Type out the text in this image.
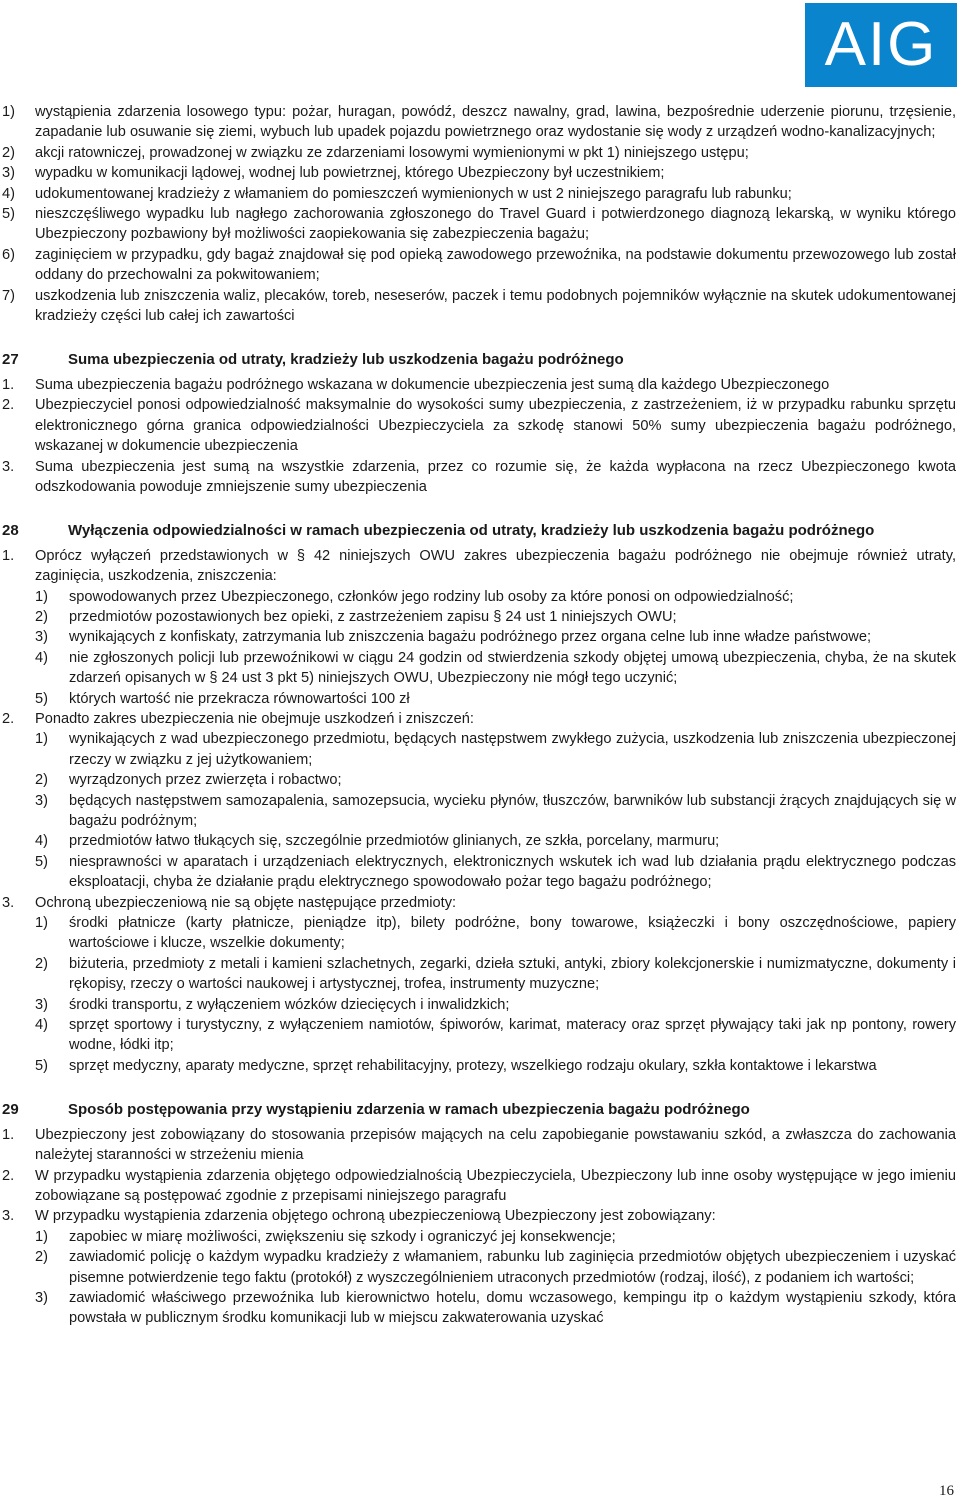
AIG
1) wystąpienia zdarzenia losowego typu: pożar, huragan, powódź, deszcz nawalny, grad, lawina, bezpośrednie uderzenie piorunu, trzęsienie, zapadanie lub osuwanie się ziemi, wybuch lub upadek pojazdu powietrznego oraz wydostanie się wody z urządzeń wodno-kanalizacyjnych;
2) akcji ratowniczej, prowadzonej w związku ze zdarzeniami losowymi wymienionymi w pkt 1) niniejszego ustępu;
3) wypadku w komunikacji lądowej, wodnej lub powietrznej, którego Ubezpieczony był uczestnikiem;
4) udokumentowanej kradzieży z włamaniem do pomieszczeń wymienionych w ust 2 niniejszego paragrafu lub rabunku;
5) nieszczęśliwego wypadku lub nagłego zachorowania zgłoszonego do Travel Guard i potwierdzonego diagnozą lekarską, w wyniku którego Ubezpieczony pozbawiony był możliwości zaopiekowania się zabezpieczenia bagażu;
6) zaginięciem w przypadku, gdy bagaż znajdował się pod opieką zawodowego przewoźnika, na podstawie dokumentu przewozowego lub został oddany do przechowalni za pokwitowaniem;
7) uszkodzenia lub zniszczenia waliz, plecaków, toreb, neseserów, paczek i temu podobnych pojemników wyłącznie na skutek udokumentowanej kradzieży części lub całej ich zawartości
27	Suma ubezpieczenia od utraty, kradzieży lub uszkodzenia bagażu podróżnego
1. Suma ubezpieczenia bagażu podróżnego wskazana w dokumencie ubezpieczenia jest sumą dla każdego Ubezpieczonego
2. Ubezpieczyciel ponosi odpowiedzialność maksymalnie do wysokości sumy ubezpieczenia, z zastrzeżeniem, iż w przypadku rabunku sprzętu elektronicznego górna granica odpowiedzialności Ubezpieczyciela za szkodę stanowi 50% sumy ubezpieczenia bagażu podróżnego, wskazanej w dokumencie ubezpieczenia
3. Suma ubezpieczenia jest sumą na wszystkie zdarzenia, przez co rozumie się, że każda wypłacona na rzecz Ubezpieczonego kwota odszkodowania powoduje zmniejszenie sumy ubezpieczenia
28	Wyłączenia odpowiedzialności w ramach ubezpieczenia od utraty, kradzieży lub uszkodzenia bagażu podróżnego
1. Oprócz wyłączeń przedstawionych w § 42 niniejszych OWU zakres ubezpieczenia bagażu podróżnego nie obejmuje również utraty, zaginięcia, uszkodzenia, zniszczenia:
1) spowodowanych przez Ubezpieczonego, członków jego rodziny lub osoby za które ponosi on odpowiedzialność;
2) przedmiotów pozostawionych bez opieki, z zastrzeżeniem zapisu § 24 ust 1 niniejszych OWU;
3) wynikających z konfiskaty, zatrzymania lub zniszczenia bagażu podróżnego przez organa celne lub inne władze państwowe;
4) nie zgłoszonych policji lub przewoźnikowi w ciągu 24 godzin od stwierdzenia szkody objętej umową ubezpieczenia, chyba, że na skutek zdarzeń opisanych w § 24 ust 3 pkt 5) niniejszych OWU, Ubezpieczony nie mógł tego uczynić;
5) których wartość nie przekracza równowartości 100 zł
2. Ponadto zakres ubezpieczenia nie obejmuje uszkodzeń i zniszczeń:
1) wynikających z wad ubezpieczonego przedmiotu, będących następstwem zwykłego zużycia, uszkodzenia lub zniszczenia ubezpieczonej rzeczy w związku z jej użytkowaniem;
2) wyrządzonych przez zwierzęta i robactwo;
3) będących następstwem samozapalenia, samozepsucia, wycieku płynów, tłuszczów, barwników lub substancji żrących znajdujących się w bagażu podróżnym;
4) przedmiotów łatwo tłukących się, szczególnie przedmiotów glinianych, ze szkła, porcelany, marmuru;
5) niesprawności w aparatach i urządzeniach elektrycznych, elektronicznych wskutek ich wad lub działania prądu elektrycznego podczas eksploatacji, chyba że działanie prądu elektrycznego spowodowało pożar tego bagażu podróżnego;
3. Ochroną ubezpieczeniową nie są objęte następujące przedmioty:
1) środki płatnicze (karty płatnicze, pieniądze itp), bilety podróżne, bony towarowe, książeczki i bony oszczędnościowe, papiery wartościowe i klucze, wszelkie dokumenty;
2) biżuteria, przedmioty z metali i kamieni szlachetnych, zegarki, dzieła sztuki, antyki, zbiory kolekcjonerskie i numizmatyczne, dokumenty i rękopisy, rzeczy o wartości naukowej i artystycznej, trofea, instrumenty muzyczne;
3) środki transportu, z wyłączeniem wózków dziecięcych i inwalidzkich;
4) sprzęt sportowy i turystyczny, z wyłączeniem namiotów, śpiworów, karimat, materacy oraz sprzęt pływający taki jak np pontony, rowery wodne, łódki itp;
5) sprzęt medyczny, aparaty medyczne, sprzęt rehabilitacyjny, protezy, wszelkiego rodzaju okulary, szkła kontaktowe i lekarstwa
29	Sposób postępowania przy wystąpieniu zdarzenia w ramach ubezpieczenia bagażu podróżnego
1. Ubezpieczony jest zobowiązany do stosowania przepisów mających na celu zapobieganie powstawaniu szkód, a zwłaszcza do zachowania należytej staranności w strzeżeniu mienia
2. W przypadku wystąpienia zdarzenia objętego odpowiedzialnością Ubezpieczyciela, Ubezpieczony lub inne osoby występujące w jego imieniu zobowiązane są postępować zgodnie z przepisami niniejszego paragrafu
3. W przypadku wystąpienia zdarzenia objętego ochroną ubezpieczeniową Ubezpieczony jest zobowiązany:
1) zapobiec w miarę możliwości, zwiększeniu się szkody i ograniczyć jej konsekwencje;
2) zawiadomić policję o każdym wypadku kradzieży z włamaniem, rabunku lub zaginięcia przedmiotów objętych ubezpieczeniem i uzyskać pisemne potwierdzenie tego faktu (protokół) z wyszczególnieniem utraconych przedmiotów (rodzaj, ilość), z podaniem ich wartości;
3) zawiadomić właściwego przewoźnika lub kierownictwo hotelu, domu wczasowego, kempingu itp o każdym wystąpieniu szkody, która powstała w publicznym środku komunikacji lub w miejscu zakwaterowania uzyskać
16
